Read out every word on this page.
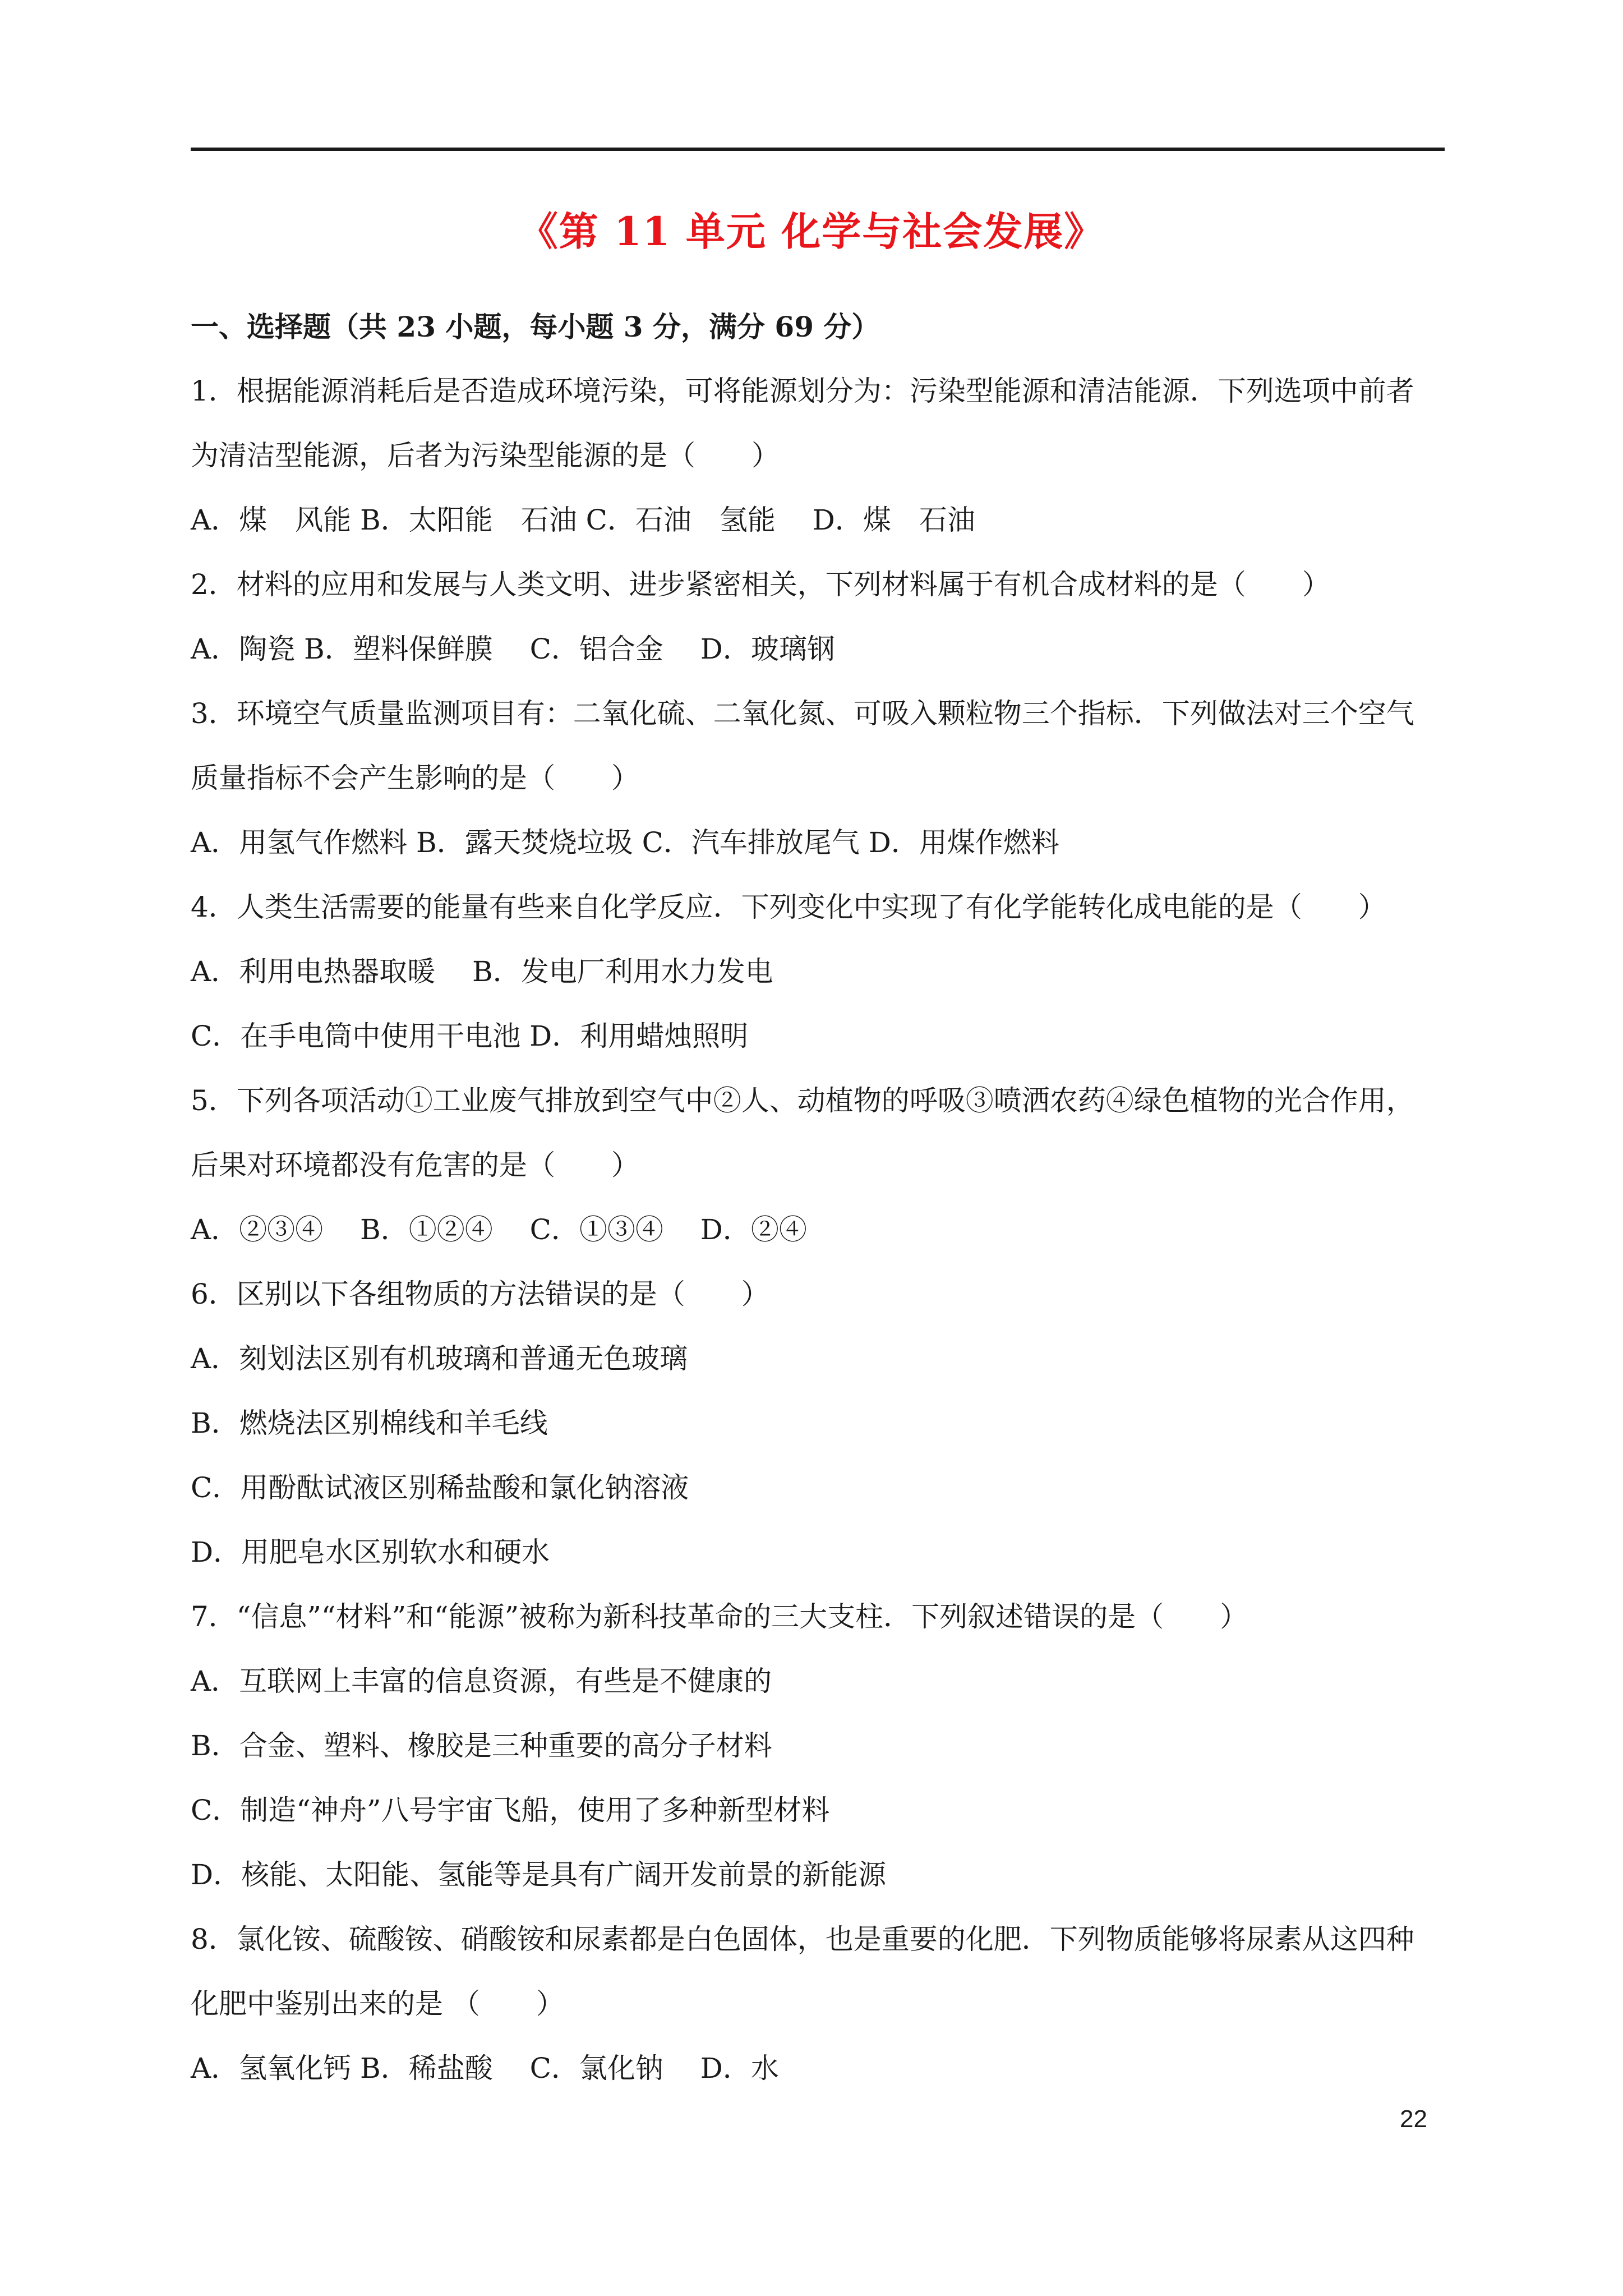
《第 11 单元 化学与社会发展》
一、选择题（共 23 小题，每小题 3 分，满分 69 分）
1．根据能源消耗后是否造成环境污染，可将能源划分为：污染型能源和清洁能源．下列选项中前者
为清洁型能源，后者为污染型能源的是（　　）
A．煤　风能 B．太阳能　石油 C．石油　氢能　 D．煤　石油
2．材料的应用和发展与人类文明、进步紧密相关，下列材料属于有机合成材料的是（　　）
A．陶瓷 B．塑料保鲜膜　 C．铝合金　 D．玻璃钢
3．环境空气质量监测项目有：二氧化硫、二氧化氮、可吸入颗粒物三个指标．下列做法对三个空气
质量指标不会产生影响的是（　　）
A．用氢气作燃料 B．露天焚烧垃圾 C．汽车排放尾气 D．用煤作燃料
4．人类生活需要的能量有些来自化学反应．下列变化中实现了有化学能转化成电能的是（　　）
A．利用电热器取暖　 B．发电厂利用水力发电
C．在手电筒中使用干电池 D．利用蜡烛照明
5．下列各项活动①工业废气排放到空气中②人、动植物的呼吸③喷洒农药④绿色植物的光合作用，
后果对环境都没有危害的是（　　）
A．②③④　 B．①②④　 C．①③④　 D．②④
6．区别以下各组物质的方法错误的是（　　）
A．刻划法区别有机玻璃和普通无色玻璃
B．燃烧法区别棉线和羊毛线
C．用酚酞试液区别稀盐酸和氯化钠溶液
D．用肥皂水区别软水和硬水
7．“信息”“材料”和“能源”被称为新科技革命的三大支柱．下列叙述错误的是（　　）
A．互联网上丰富的信息资源，有些是不健康的
B．合金、塑料、橡胶是三种重要的高分子材料
C．制造“神舟”八号宇宙飞船，使用了多种新型材料
D．核能、太阳能、氢能等是具有广阔开发前景的新能源
8．氯化铵、硫酸铵、硝酸铵和尿素都是白色固体，也是重要的化肥．下列物质能够将尿素从这四种
化肥中鉴别出来的是 （　　）
A．氢氧化钙 B．稀盐酸　 C．氯化钠　 D．水
22
